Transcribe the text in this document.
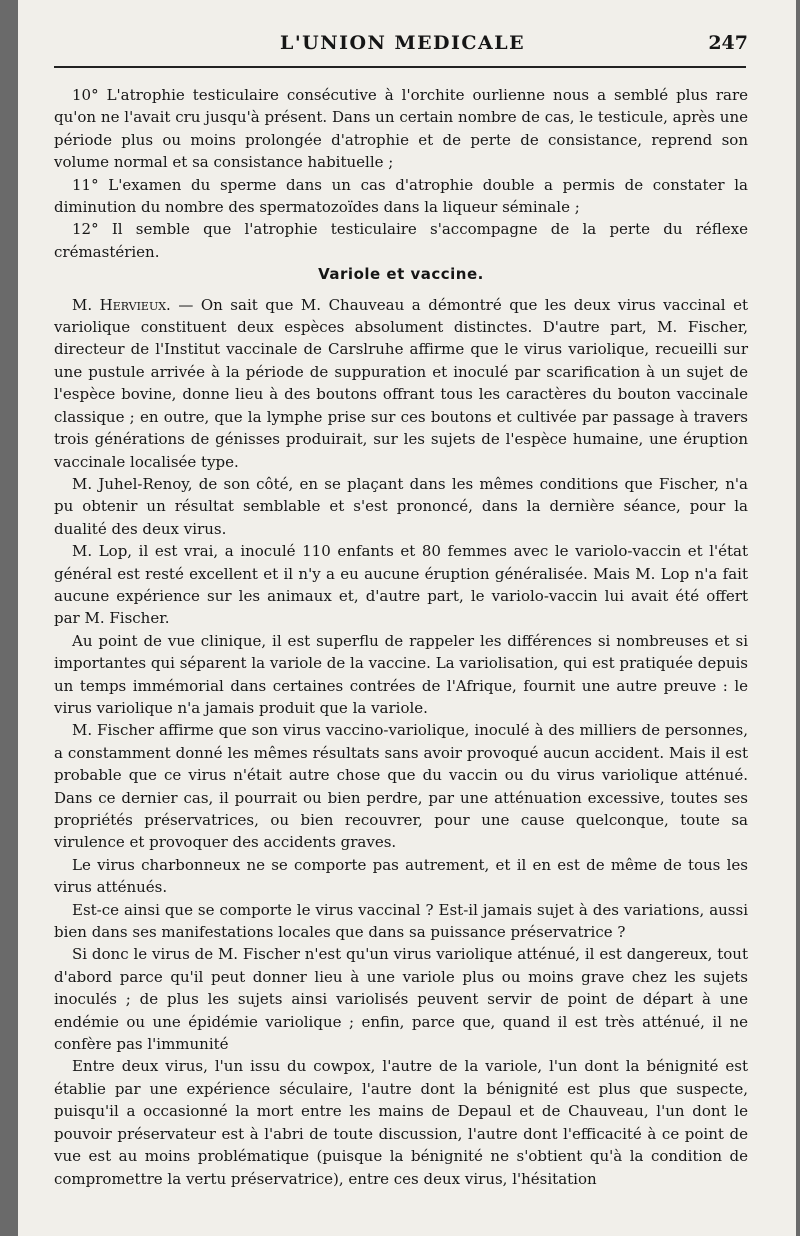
L'UNION MEDICALE	247

10° L'atrophie testiculaire consécutive à l'orchite ourlienne nous a semblé plus rare qu'on ne l'avait cru jusqu'à présent. Dans un certain nombre de cas, le testicule, après une période plus ou moins prolongée d'atrophie et de perte de consistance, reprend son volume normal et sa consistance habituelle ;

11° L'examen du sperme dans un cas d'atrophie double a permis de constater la diminution du nombre des spermatozoïdes dans la liqueur séminale ;

12° Il semble que l'atrophie testiculaire s'accompagne de la perte du réflexe crémastérien.

Variole et vaccine.

M. Hervieux. — On sait que M. Chauveau a démontré que les deux virus vaccinal et variolique constituent deux espèces absolument distinctes. D'autre part, M. Fischer, directeur de l'Institut vaccinale de Carslruhe affirme que le virus variolique, recueilli sur une pustule arrivée à la période de suppuration et inoculé par scarification à un sujet de l'espèce bovine, donne lieu à des boutons offrant tous les caractères du bouton vaccinale classique ; en outre, que la lymphe prise sur ces boutons et cultivée par passage à travers trois générations de génisses produirait, sur les sujets de l'espèce humaine, une éruption vaccinale localisée type.

M. Juhel-Renoy, de son côté, en se plaçant dans les mêmes conditions que Fischer, n'a pu obtenir un résultat semblable et s'est prononcé, dans la dernière séance, pour la dualité des deux virus.

M. Lop, il est vrai, a inoculé 110 enfants et 80 femmes avec le variolo-vaccin et l'état général est resté excellent et il n'y a eu aucune éruption généralisée. Mais M. Lop n'a fait aucune expérience sur les animaux et, d'autre part, le variolo-vaccin lui avait été offert par M. Fischer.

Au point de vue clinique, il est superflu de rappeler les différences si nombreuses et si importantes qui séparent la variole de la vaccine. La variolisation, qui est pratiquée depuis un temps immémorial dans certaines contrées de l'Afrique, fournit une autre preuve : le virus variolique n'a jamais produit que la variole.

M. Fischer affirme que son virus vaccino-variolique, inoculé à des milliers de personnes, a constamment donné les mêmes résultats sans avoir provoqué aucun accident. Mais il est probable que ce virus n'était autre chose que du vaccin ou du virus variolique atténué. Dans ce dernier cas, il pourrait ou bien perdre, par une atténuation excessive, toutes ses propriétés préservatrices, ou bien recouvrer, pour une cause quelconque, toute sa virulence et provoquer des accidents graves.

Le virus charbonneux ne se comporte pas autrement, et il en est de même de tous les virus atténués.

Est-ce ainsi que se comporte le virus vaccinal ? Est-il jamais sujet à des variations, aussi bien dans ses manifestations locales que dans sa puissance préservatrice ?

Si donc le virus de M. Fischer n'est qu'un virus variolique atténué, il est dangereux, tout d'abord parce qu'il peut donner lieu à une variole plus ou moins grave chez les sujets inoculés ; de plus les sujets ainsi variolisés peuvent servir de point de départ à une endémie ou une épidémie variolique ; enfin, parce que, quand il est très atténué, il ne confère pas l'immunité

Entre deux virus, l'un issu du cowpox, l'autre de la variole, l'un dont la bénignité est établie par une expérience séculaire, l'autre dont la bénignité est plus que suspecte, puisqu'il a occasionné la mort entre les mains de Depaul et de Chauveau, l'un dont le pouvoir préservateur est à l'abri de toute discussion, l'autre dont l'efficacité à ce point de vue est au moins problématique (puisque la bénignité ne s'obtient qu'à la condition de compromettre la vertu préservatrice), entre ces deux virus, l'hésitation
